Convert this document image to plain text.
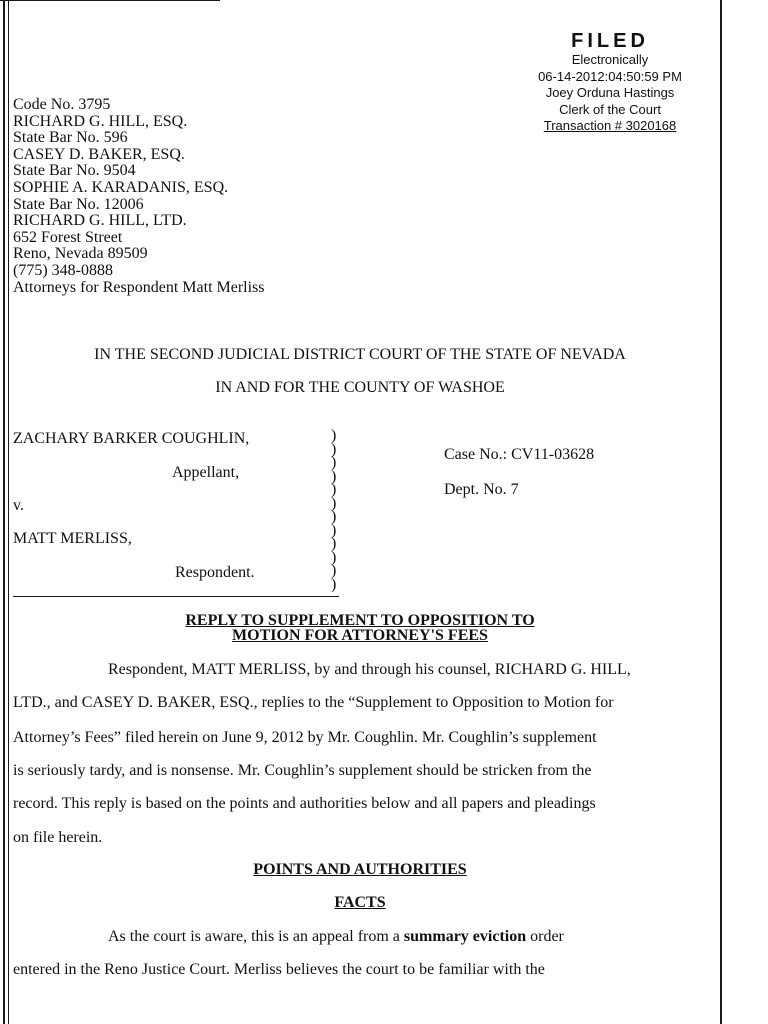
FILED
Electronically
06-14-2012:04:50:59 PM
Joey Orduna Hastings
Clerk of the Court
Transaction # 3020168
Code No. 3795
RICHARD G. HILL, ESQ.
State Bar No. 596
CASEY D. BAKER, ESQ.
State Bar No. 9504
SOPHIE A. KARADANIS, ESQ.
State Bar No. 12006
RICHARD G. HILL, LTD.
652 Forest Street
Reno, Nevada 89509
(775) 348-0888
Attorneys for Respondent Matt Merliss
IN THE SECOND JUDICIAL DISTRICT COURT OF THE STATE OF NEVADA
IN AND FOR THE COUNTY OF WASHOE
ZACHARY BARKER COUGHLIN,
Appellant,
v.
MATT MERLISS,
Respondent.
Case No.: CV11-03628
Dept. No. 7
)
)
)
)
)
)
)
)
)
)
)
)
REPLY TO SUPPLEMENT TO OPPOSITION TO
MOTION FOR ATTORNEY'S FEES
Respondent, MATT MERLISS, by and through his counsel, RICHARD G. HILL,
LTD., and CASEY D. BAKER, ESQ., replies to the “Supplement to Opposition to Motion for
Attorney’s Fees” filed herein on June 9, 2012 by Mr. Coughlin. Mr. Coughlin’s supplement
is seriously tardy, and is nonsense. Mr. Coughlin’s supplement should be stricken from the
record. This reply is based on the points and authorities below and all papers and pleadings
on file herein.
POINTS AND AUTHORITIES
FACTS
As the court is aware, this is an appeal from a summary eviction order
entered in the Reno Justice Court. Merliss believes the court to be familiar with the
